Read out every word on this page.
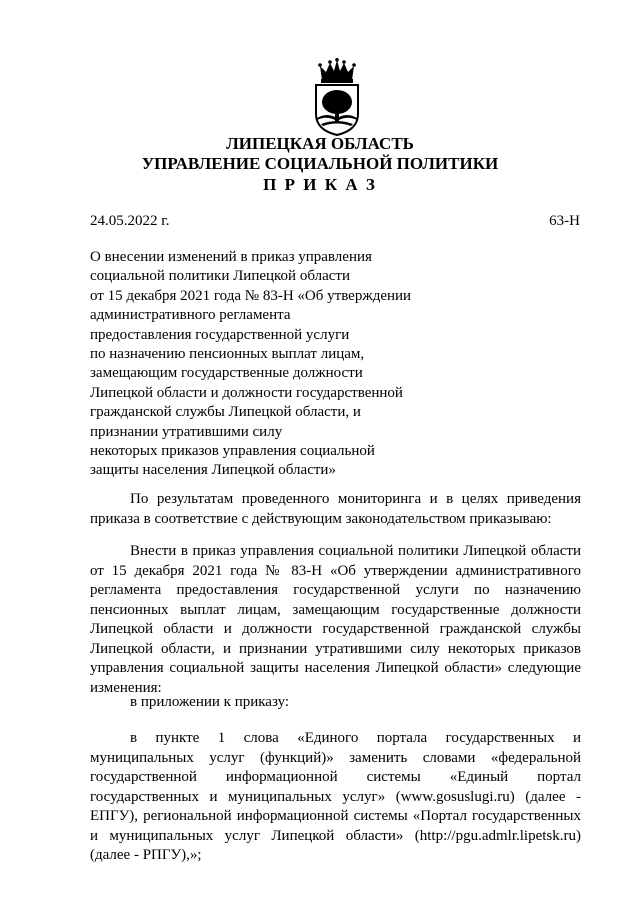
ЛИПЕЦКАЯ ОБЛАСТЬ
УПРАВЛЕНИЕ СОЦИАЛЬНОЙ ПОЛИТИКИ
П Р И К А З
24.05.2022 г.	63-Н
О внесении изменений в приказ управления
социальной политики Липецкой области
от 15 декабря 2021 года № 83-Н «Об утверждении
административного регламента
предоставления государственной услуги
по назначению пенсионных выплат лицам,
замещающим государственные должности
Липецкой области и должности государственной
гражданской службы Липецкой области, и
признании утратившими силу
некоторых приказов управления социальной
защиты населения Липецкой области»
По результатам проведенного мониторинга и в целях приведения приказа в соответствие с действующим законодательством приказываю:
Внести в приказ управления социальной политики Липецкой области от 15 декабря 2021 года № 83-Н «Об утверждении административного регламента предоставления государственной услуги по назначению пенсионных выплат лицам, замещающим государственные должности Липецкой области и должности государственной гражданской службы Липецкой области, и признании утратившими силу некоторых приказов управления социальной защиты населения Липецкой области» следующие изменения:
в приложении к приказу:
в пункте 1 слова «Единого портала государственных и муниципальных услуг (функций)» заменить словами «федеральной государственной информационной системы «Единый портал государственных и муниципальных услуг» (www.gosuslugi.ru) (далее - ЕПГУ), региональной информационной системы «Портал государственных и муниципальных услуг Липецкой области» (http://pgu.admlr.lipetsk.ru) (далее - РПГУ),»;
